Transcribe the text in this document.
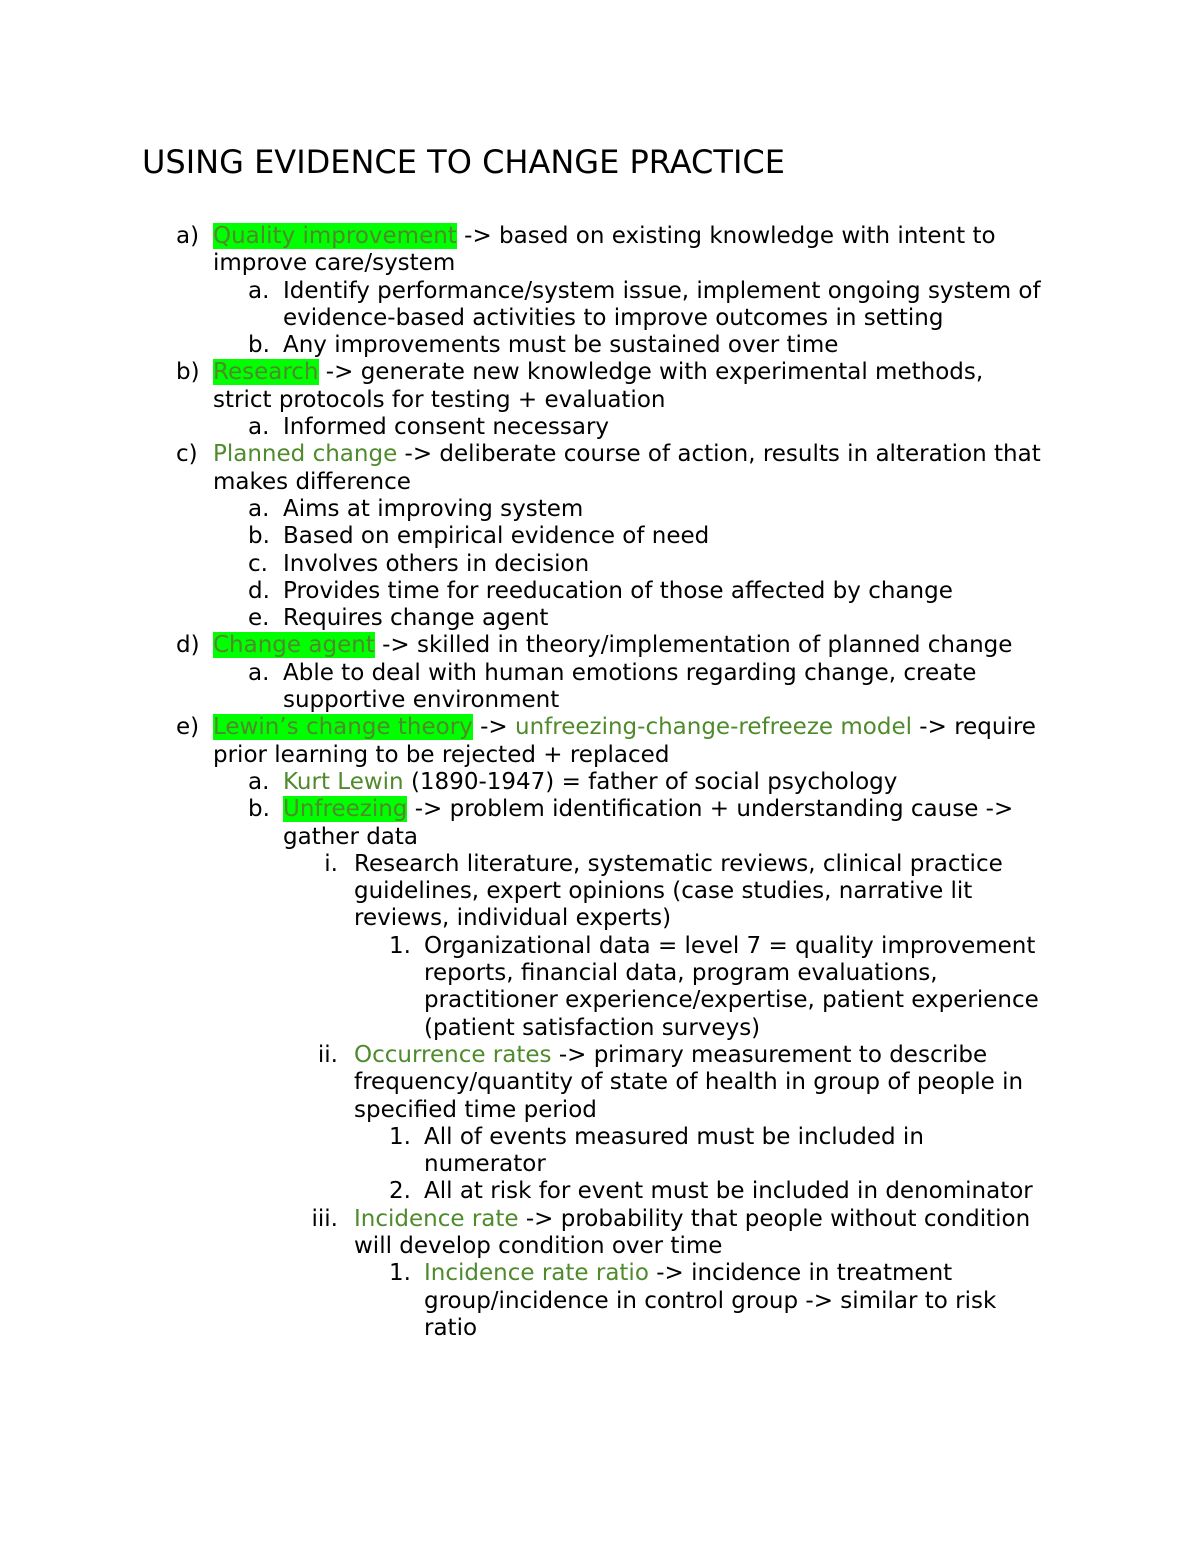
USING EVIDENCE TO CHANGE PRACTICE
a) Quality improvement -> based on existing knowledge with intent to improve care/system
a. Identify performance/system issue, implement ongoing system of evidence-based activities to improve outcomes in setting
b. Any improvements must be sustained over time
b) Research -> generate new knowledge with experimental methods, strict protocols for testing + evaluation
a. Informed consent necessary
c) Planned change -> deliberate course of action, results in alteration that makes difference
a. Aims at improving system
b. Based on empirical evidence of need
c. Involves others in decision
d. Provides time for reeducation of those affected by change
e. Requires change agent
d) Change agent -> skilled in theory/implementation of planned change
a. Able to deal with human emotions regarding change, create supportive environment
e) Lewin’s change theory -> unfreezing-change-refreeze model -> require prior learning to be rejected + replaced
a. Kurt Lewin (1890-1947) = father of social psychology
b. Unfreezing -> problem identification + understanding cause -> gather data
i. Research literature, systematic reviews, clinical practice guidelines, expert opinions (case studies, narrative lit reviews, individual experts)
1. Organizational data = level 7 = quality improvement reports, financial data, program evaluations, practitioner experience/expertise, patient experience (patient satisfaction surveys)
ii. Occurrence rates -> primary measurement to describe frequency/quantity of state of health in group of people in specified time period
1. All of events measured must be included in numerator
2. All at risk for event must be included in denominator
iii. Incidence rate -> probability that people without condition will develop condition over time
1. Incidence rate ratio -> incidence in treatment group/incidence in control group -> similar to risk ratio
